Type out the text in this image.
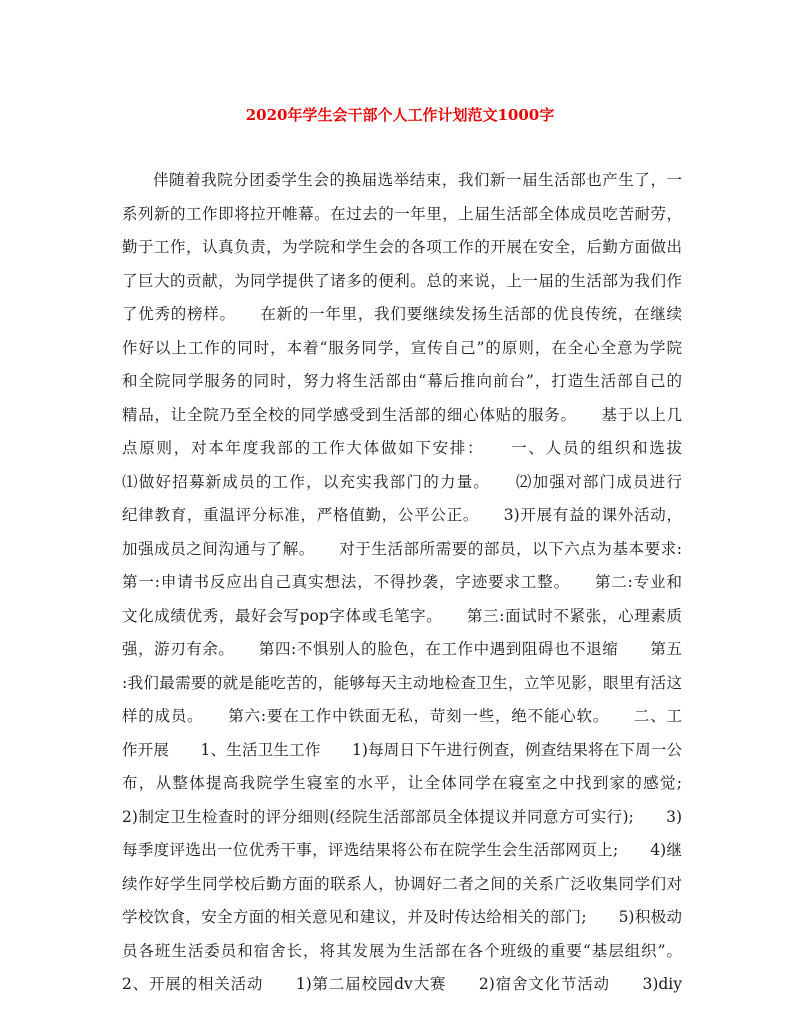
2020年学生会干部个人工作计划范文1000字
伴随着我院分团委学生会的换届选举结束，我们新一届生活部也产生了，一
系列新的工作即将拉开帷幕。在过去的一年里，上届生活部全体成员吃苦耐劳，
勤于工作，认真负责，为学院和学生会的各项工作的开展在安全，后勤方面做出
了巨大的贡献，为同学提供了诸多的便利。总的来说，上一届的生活部为我们作
了优秀的榜样。　　在新的一年里，我们要继续发扬生活部的优良传统，在继续
作好以上工作的同时，本着“服务同学，宣传自己”的原则，在全心全意为学院
和全院同学服务的同时，努力将生活部由“幕后推向前台”，打造生活部自己的
精品，让全院乃至全校的同学感受到生活部的细心体贴的服务。　　基于以上几
点原则，对本年度我部的工作大体做如下安排：　　一、人员的组织和选拔
⑴做好招募新成员的工作，以充实我部门的力量。　　⑵加强对部门成员进行
纪律教育，重温评分标准，严格值勤，公平公正。　　3)开展有益的课外活动，
加强成员之间沟通与了解。　　对于生活部所需要的部员，以下六点为基本要求:
第一:申请书反应出自己真实想法，不得抄袭，字迹要求工整。　　第二:专业和
文化成绩优秀，最好会写pop字体或毛笔字。　　第三:面试时不紧张，心理素质
强，游刃有余。　　第四:不惧别人的脸色，在工作中遇到阻碍也不退缩　　第五
:我们最需要的就是能吃苦的，能够每天主动地检查卫生，立竿见影，眼里有活这
样的成员。　　第六:要在工作中铁面无私，苛刻一些，绝不能心软。　　二、工
作开展　　1、生活卫生工作　　1)每周日下午进行例查，例查结果将在下周一公
布，从整体提高我院学生寝室的水平，让全体同学在寝室之中找到家的感觉;
2)制定卫生检查时的评分细则(经院生活部部员全体提议并同意方可实行);　　3)
每季度评选出一位优秀干事，评选结果将公布在院学生会生活部网页上;　　4)继
续作好学生同学校后勤方面的联系人，协调好二者之间的关系广泛收集同学们对
学校饮食，安全方面的相关意见和建议，并及时传达给相关的部门;　　5)积极动
员各班生活委员和宿舍长，将其发展为生活部在各个班级的重要“基层组织”。
2、开展的相关活动　　1)第二届校园dv大赛　　2)宿舍文化节活动　　3)diy
